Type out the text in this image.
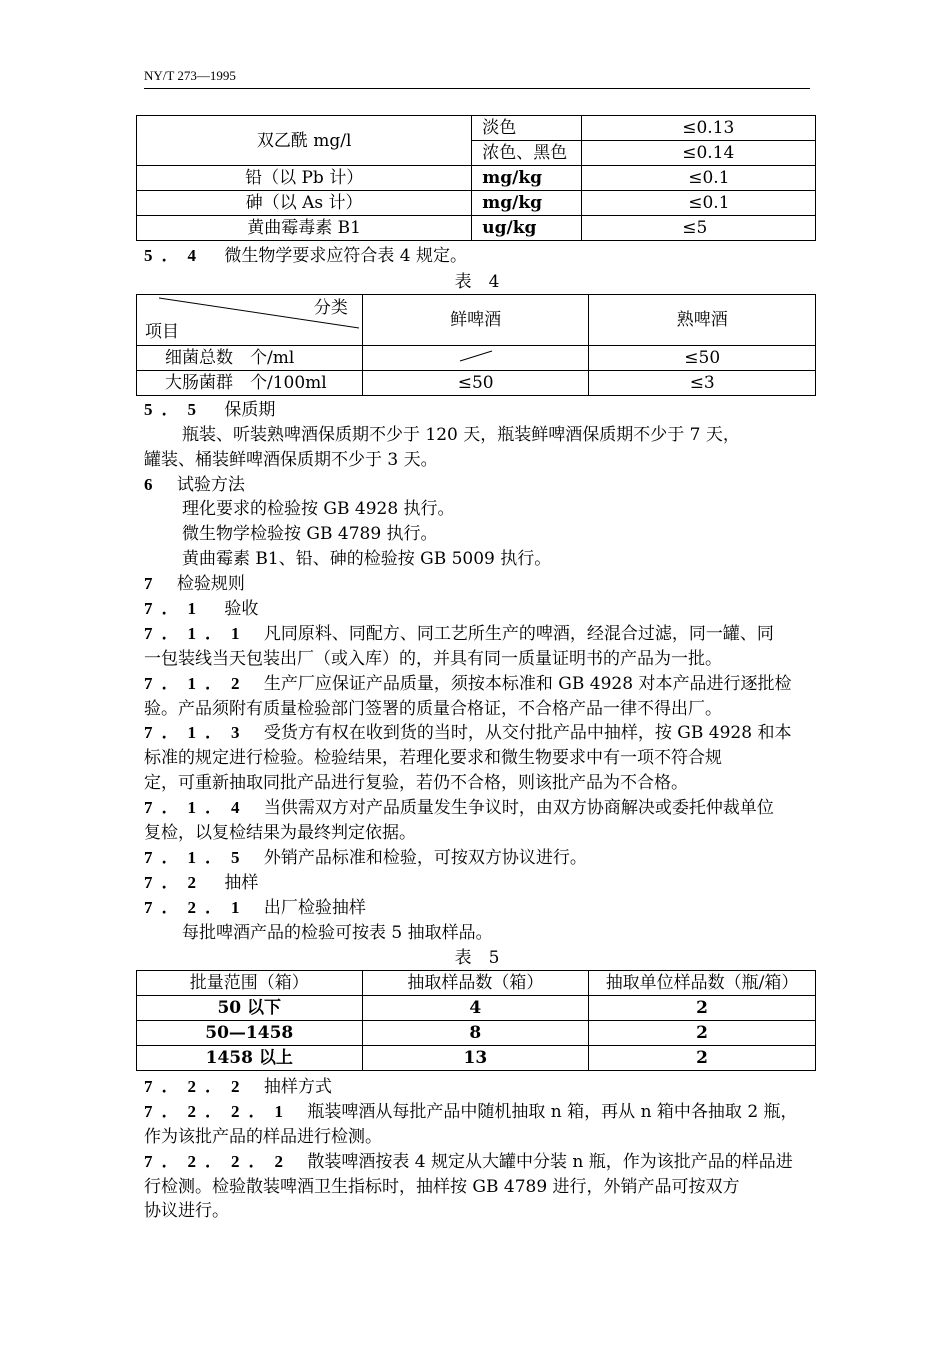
NY/T 273—1995
双乙酰 mg/l	淡色	≤0.13
	浓色、黑色	≤0.14
铅（以 Pb 计）	mg/kg	≤0.1
砷（以 As 计）	mg/kg	≤0.1
黄曲霉毒素 B1	ug/kg	≤5
5．4 微生物学要求应符合表 4 规定。
表　4
分类
项目	鲜啤酒	熟啤酒
细菌总数　个/ml		≤50
大肠菌群　个/100ml	≤50	≤3
5．5 保质期
瓶装、听装熟啤酒保质期不少于 120 天，瓶装鲜啤酒保质期不少于 7 天，
罐装、桶装鲜啤酒保质期不少于 3 天。
6 试验方法
理化要求的检验按 GB 4928 执行。
微生物学检验按 GB 4789 执行。
黄曲霉素 B1、铅、砷的检验按 GB 5009 执行。
7 检验规则
7．1 验收
7．1．1 凡同原料、同配方、同工艺所生产的啤酒，经混合过滤，同一罐、同
一包装线当天包装出厂（或入库）的，并具有同一质量证明书的产品为一批。
7．1．2 生产厂应保证产品质量，须按本标准和 GB 4928 对本产品进行逐批检
验。产品须附有质量检验部门签署的质量合格证，不合格产品一律不得出厂。
7．1．3 受货方有权在收到货的当时，从交付批产品中抽样，按 GB 4928 和本
标准的规定进行检验。检验结果，若理化要求和微生物要求中有一项不符合规
定，可重新抽取同批产品进行复验，若仍不合格，则该批产品为不合格。
7．1．4 当供需双方对产品质量发生争议时，由双方协商解决或委托仲裁单位
复检，以复检结果为最终判定依据。
7．1．5 外销产品标准和检验，可按双方协议进行。
7．2 抽样
7．2．1 出厂检验抽样
每批啤酒产品的检验可按表 5 抽取样品。
表　5
批量范围（箱）	抽取样品数（箱）	抽取单位样品数（瓶/箱）
50 以下	4	2
50—1458	8	2
1458 以上	13	2
7．2．2 抽样方式
7．2．2．1 瓶装啤酒从每批产品中随机抽取 n 箱，再从 n 箱中各抽取 2 瓶，
作为该批产品的样品进行检测。
7．2．2．2 散装啤酒按表 4 规定从大罐中分装 n 瓶，作为该批产品的样品进
行检测。检验散装啤酒卫生指标时，抽样按 GB 4789 进行，外销产品可按双方
协议进行。
